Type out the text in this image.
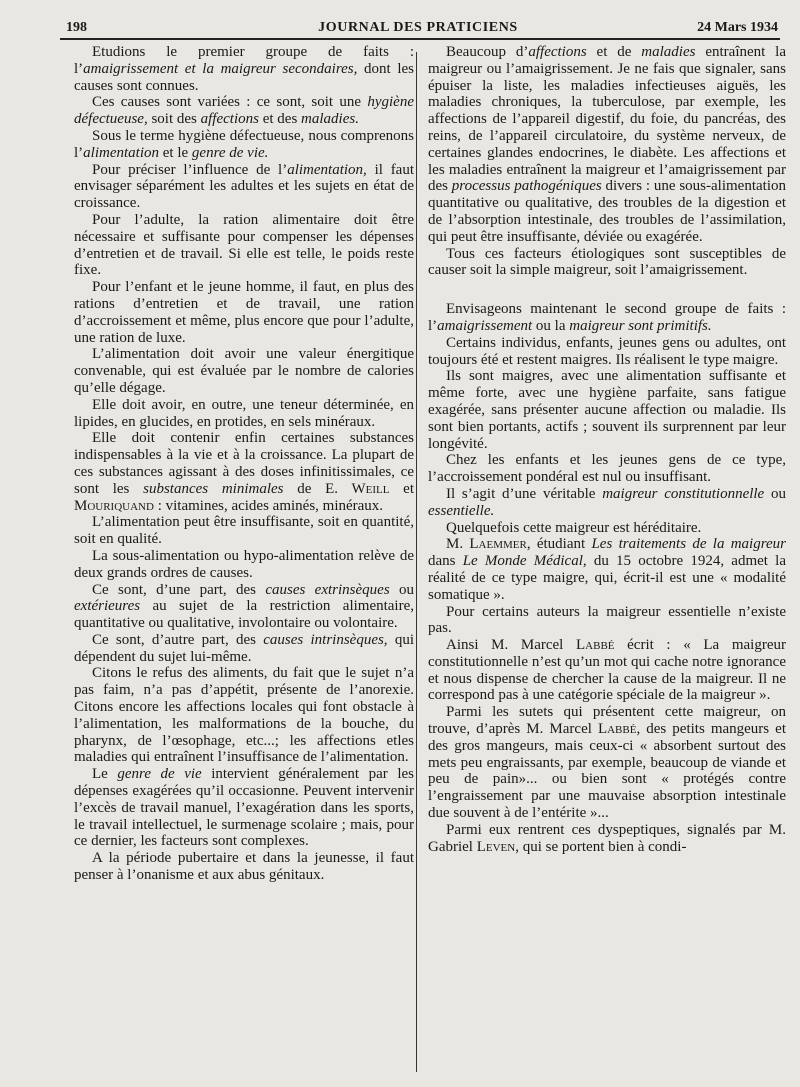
198	JOURNAL DES PRATICIENS	24 Mars 1934

Etudions le premier groupe de faits : l’amaigrissement et la maigreur secondaires, dont les causes sont connues.

Ces causes sont variées : ce sont, soit une hygiène défectueuse, soit des affections et des maladies.

Sous le terme hygiène défectueuse, nous comprenons l’alimentation et le genre de vie.

Pour préciser l’influence de l’alimentation, il faut envisager séparément les adultes et les sujets en état de croissance.

Pour l’adulte, la ration alimentaire doit être nécessaire et suffisante pour compenser les dépenses d’entretien et de travail. Si elle est telle, le poids reste fixe.

Pour l’enfant et le jeune homme, il faut, en plus des rations d’entretien et de travail, une ration d’accroissement et même, plus encore que pour l’adulte, une ration de luxe.

L’alimentation doit avoir une valeur énergitique convenable, qui est évaluée par le nombre de calories qu’elle dégage.

Elle doit avoir, en outre, une teneur déterminée, en lipides, en glucides, en protides, en sels minéraux.

Elle doit contenir enfin certaines substances indispensables à la vie et à la croissance. La plupart de ces substances agissant à des doses infinitissimales, ce sont les substances minimales de E. Weill et Mouriquand : vitamines, acides aminés, minéraux.

L’alimentation peut être insuffisante, soit en quantité, soit en qualité.

La sous-alimentation ou hypo-alimentation relève de deux grands ordres de causes.

Ce sont, d’une part, des causes extrinsèques ou extérieures au sujet de la restriction alimentaire, quantitative ou qualitative, involontaire ou volontaire.

Ce sont, d’autre part, des causes intrinsèques, qui dépendent du sujet lui-même.

Citons le refus des aliments, du fait que le sujet n’a pas faim, n’a pas d’appétit, présente de l’anorexie. Citons encore les affections locales qui font obstacle à l’alimentation, les malformations de la bouche, du pharynx, de l’œsophage, etc...; les affections etles maladies qui entraînent l’insuffisance de l’alimentation.

Le genre de vie intervient généralement par les dépenses exagérées qu’il occasionne. Peuvent intervenir l’excès de travail manuel, l’exagération dans les sports, le travail intellectuel, le surmenage scolaire ; mais, pour ce dernier, les facteurs sont complexes.

A la période pubertaire et dans la jeunesse, il faut penser à l’onanisme et aux abus génitaux.

Beaucoup d’affections et de maladies entraînent la maigreur ou l’amaigrissement. Je ne fais que signaler, sans épuiser la liste, les maladies infectieuses aiguës, les maladies chroniques, la tuberculose, par exemple, les affections de l’appareil digestif, du foie, du pancréas, des reins, de l’appareil circulatoire, du système nerveux, de certaines glandes endocrines, le diabète. Les affections et les maladies entraînent la maigreur et l’amaigrissement par des processus pathogéniques divers : une sous-alimentation quantitative ou qualitative, des troubles de la digestion et de l’absorption intestinale, des troubles de l’assimilation, qui peut être insuffisante, déviée ou exagérée.

Tous ces facteurs étiologiques sont susceptibles de causer soit la simple maigreur, soit l’amaigrissement.

Envisageons maintenant le second groupe de faits : l’amaigrissement ou la maigreur sont primitifs.

Certains individus, enfants, jeunes gens ou adultes, ont toujours été et restent maigres. Ils réalisent le type maigre.

Ils sont maigres, avec une alimentation suffisante et même forte, avec une hygiène parfaite, sans fatigue exagérée, sans présenter aucune affection ou maladie. Ils sont bien portants, actifs ; souvent ils surprennent par leur longévité.

Chez les enfants et les jeunes gens de ce type, l’accroissement pondéral est nul ou insuffisant.

Il s’agit d’une véritable maigreur constitutionnelle ou essentielle.

Quelquefois cette maigreur est héréditaire.

M. Laemmer, étudiant Les traitements de la maigreur dans Le Monde Médical, du 15 octobre 1924, admet la réalité de ce type maigre, qui, écrit-il est une « modalité somatique ».

Pour certains auteurs la maigreur essentielle n’existe pas.

Ainsi M. Marcel Labbé écrit : « La maigreur constitutionnelle n’est qu’un mot qui cache notre ignorance et nous dispense de chercher la cause de la maigreur. Il ne correspond pas à une catégorie spéciale de la maigreur ».

Parmi les sutets qui présentent cette maigreur, on trouve, d’après M. Marcel Labbé, des petits mangeurs et des gros mangeurs, mais ceux-ci « absorbent surtout des mets peu engraissants, par exemple, beaucoup de viande et peu de pain»... ou bien sont « protégés contre l’engraissement par une mauvaise absorption intestinale due souvent à de l’entérite »...

Parmi eux rentrent ces dyspeptiques, signalés par M. Gabriel Leven, qui se portent bien à condi-
